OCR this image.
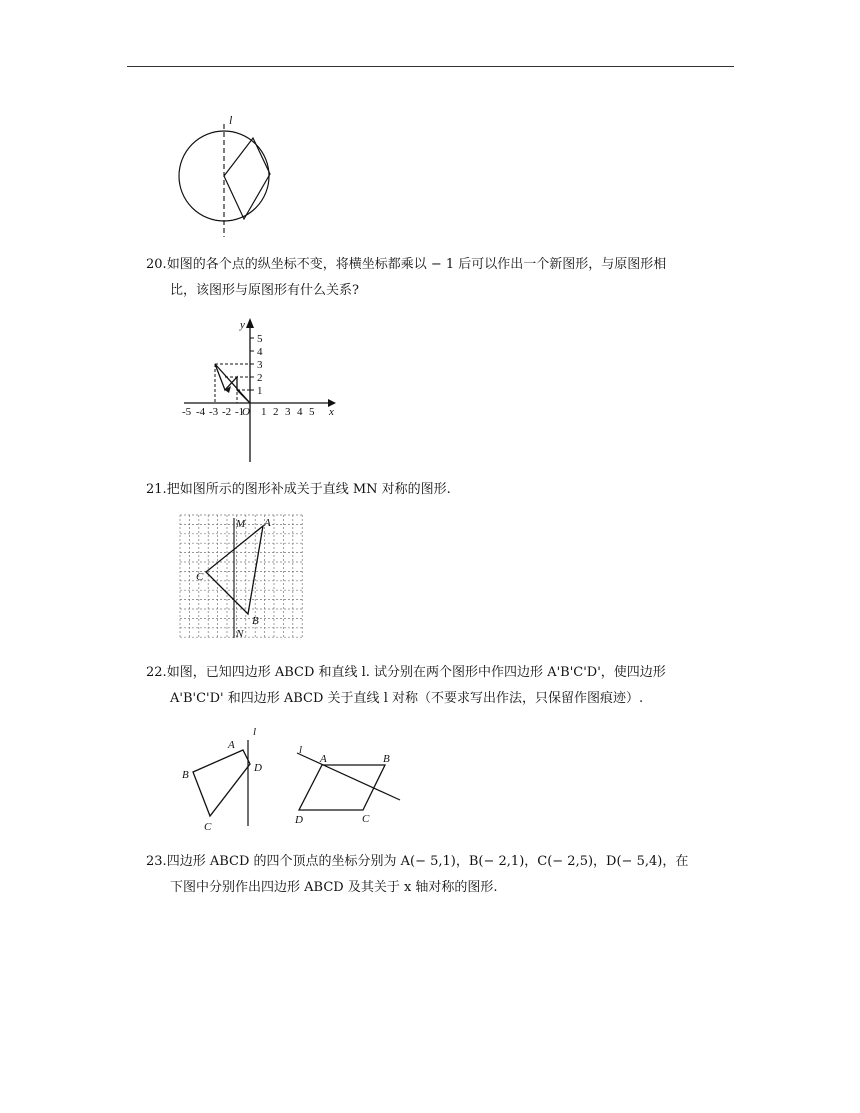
l

20.如图的各个点的纵坐标不变，将横坐标都乘以 − 1 后可以作出一个新图形，与原图形相
比，该图形与原图形有什么关系?

1
2
3
4
5
y
-5 -4 -3 -2 -1 1 2 3 4 5
O	x

21.把如图所示的图形补成关于直线 MN 对称的图形.

M A
C
B
N

22.如图，已知四边形 ABCD 和直线 l. 试分别在两个图形中作四边形 A'B'C'D'，使四边形
A'B'C'D' 和四边形 ABCD 关于直线 l 对称（不要求写出作法，只保留作图痕迹）.

l
A
D
B
C
l
A	B
D	C

23.四边形 ABCD 的四个顶点的坐标分别为 A(− 5,1)，B(− 2,1)，C(− 2,5)，D(− 5,4)，在
下图中分别作出四边形 ABCD 及其关于 x 轴对称的图形.
